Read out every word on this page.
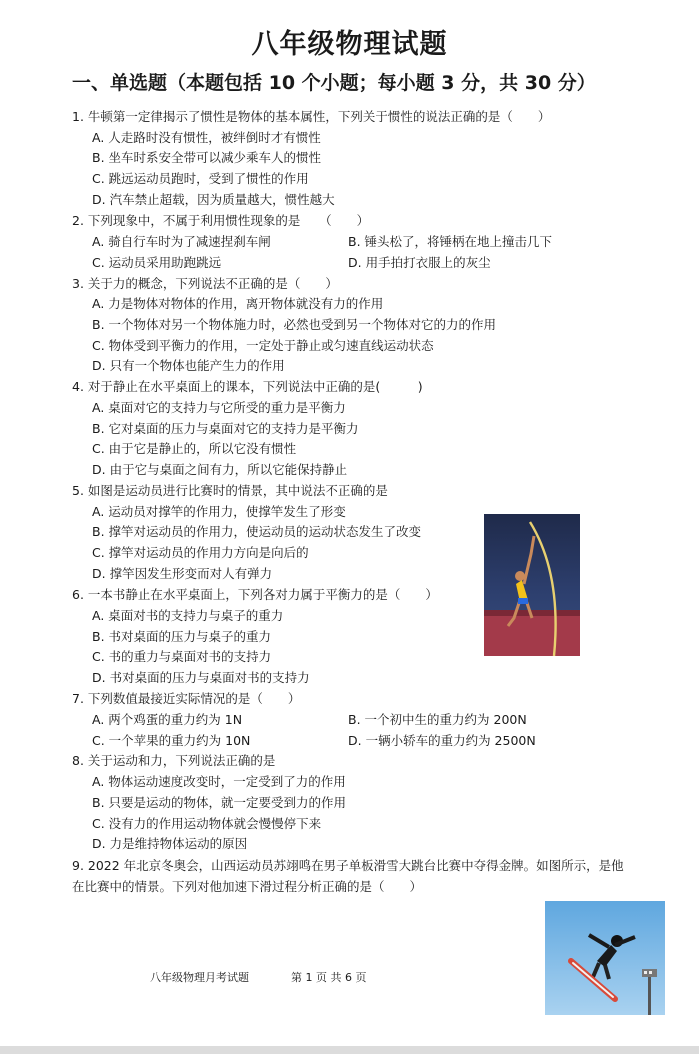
八年级物理试题
一、单选题（本题包括 10 个小题；每小题 3 分，共 30 分）
1. 牛顿第一定律揭示了惯性是物体的基本属性，下列关于惯性的说法正确的是（　　）
A. 人走路时没有惯性，被绊倒时才有惯性
B. 坐车时系安全带可以减少乘车人的惯性
C. 跳远运动员跑时，受到了惯性的作用
D. 汽车禁止超载，因为质量越大，惯性越大
2. 下列现象中，不属于利用惯性现象的是　　（　　）
A. 骑自行车时为了减速捏刹车闸	B. 锤头松了，将锤柄在地上撞击几下
C. 运动员采用助跑跳远	D. 用手拍打衣服上的灰尘
3. 关于力的概念，下列说法不正确的是（　　）
A. 力是物体对物体的作用，离开物体就没有力的作用
B. 一个物体对另一个物体施力时，必然也受到另一个物体对它的力的作用
C. 物体受到平衡力的作用，一定处于静止或匀速直线运动状态
D. 只有一个物体也能产生力的作用
4. 对于静止在水平桌面上的课本，下列说法中正确的是(　　　)
A. 桌面对它的支持力与它所受的重力是平衡力
B. 它对桌面的压力与桌面对它的支持力是平衡力
C. 由于它是静止的，所以它没有惯性
D. 由于它与桌面之间有力，所以它能保持静止
5. 如图是运动员进行比赛时的情景，其中说法不正确的是
A. 运动员对撑竿的作用力，使撑竿发生了形变
B. 撑竿对运动员的作用力，使运动员的运动状态发生了改变
C. 撑竿对运动员的作用力方向是向后的
D. 撑竿因发生形变而对人有弹力
6. 一本书静止在水平桌面上，下列各对力属于平衡力的是（　　）
A. 桌面对书的支持力与桌子的重力
B. 书对桌面的压力与桌子的重力
C. 书的重力与桌面对书的支持力
D. 书对桌面的压力与桌面对书的支持力
7. 下列数值最接近实际情况的是（　　）
A. 两个鸡蛋的重力约为 1N	B. 一个初中生的重力约为 200N
C. 一个苹果的重力约为 10N	D. 一辆小轿车的重力约为 2500N
8. 关于运动和力，下列说法正确的是
A. 物体运动速度改变时，一定受到了力的作用
B. 只要是运动的物体，就一定要受到力的作用
C. 没有力的作用运动物体就会慢慢停下来
D. 力是维持物体运动的原因
9. 2022 年北京冬奥会，山西运动员苏翊鸣在男子单板滑雪大跳台比赛中夺得金牌。如图所示，是他在比赛中的情景。下列对他加速下滑过程分析正确的是（　　）
八年级物理月考试题	第 1 页 共 6 页
